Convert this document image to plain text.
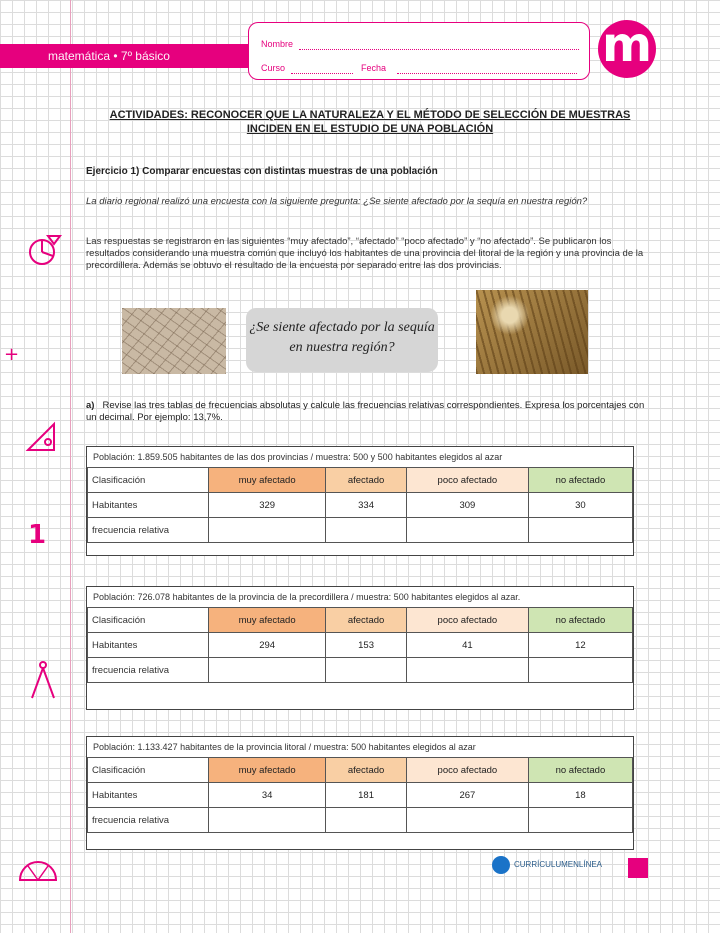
matemática • 7º básico
Nombre
Curso	Fecha	m
ACTIVIDADES: RECONOCER QUE LA NATURALEZA Y EL MÉTODO DE SELECCIÓN DE MUESTRAS INCIDEN EN EL ESTUDIO DE UNA POBLACIÓN
Ejercicio 1) Comparar encuestas con distintas muestras de una población
La diario regional realizó una encuesta con la siguiente pregunta: ¿Se siente afectado por la sequía en nuestra región?
Las respuestas se registraron en las siguientes “muy afectado”, “afectado” “poco afectado” y “no afectado”. Se publicaron los resultados considerando una muestra común que incluyó los habitantes de una provincia del litoral de la región y una provincia de la precordillera. Además se obtuvo el resultado de la encuesta por separado entre las dos provincias.
¿Se siente afectado por la sequía en nuestra región?
a) Revise las tres tablas de frecuencias absolutas y calcule las frecuencias relativas correspondientes. Expresa los porcentajes con un decimal. Por ejemplo: 13,7%.
Población: 1.859.505 habitantes de las dos provincias / muestra: 500 y 500 habitantes elegidos al azar
Clasificación	muy afectado	afectado	poco afectado	no afectado
Habitantes	329	334	309	30
frecuencia relativa				
Población: 726.078 habitantes de la provincia de la precordillera / muestra: 500 habitantes elegidos al azar.
Clasificación	muy afectado	afectado	poco afectado	no afectado
Habitantes	294	153	41	12
frecuencia relativa				
Población: 1.133.427 habitantes de la provincia litoral / muestra: 500 habitantes elegidos al azar
Clasificación	muy afectado	afectado	poco afectado	no afectado
Habitantes	34	181	267	18
frecuencia relativa				
+
1
CURRÍCULUMENLÍNEA
